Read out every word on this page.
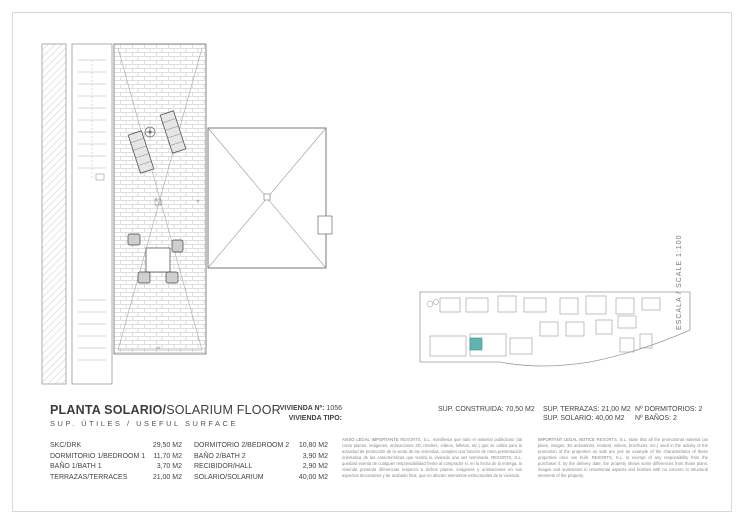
M
H
ESCALA / SCALE 1:100
PLANTA SOLARIO/SOLARIUM FLOOR
SUP. ÚTILES / USEFUL SURFACE
VIVIENDA Nº: 1056
VIVIENDA TIPO:
SKC/DRK	29,50 M2
DORMITORIO 1/BEDROOM 1	11,70 M2
BAÑO 1/BATH 1	3,70 M2
TERRAZAS/TERRACES	21,00 M2
DORMITORIO 2/BEDROOM 2	10,80 M2
BAÑO 2/BATH 2	3,90 M2
RECIBIDOR/HALL	2,90 M2
SOLARIO/SOLARIUM	40,00 M2
SUP. CONSTRUIDA: 70,50 M2 SUP. TERRAZAS: 21,00 M2
SUP. SOLARIO: 40,00 M2
Nº DORMITORIOS: 2
Nº BAÑOS: 2
AVISO LEGAL IMPORTANTE RESORTS, S.L. manifiesta que todo el material publicitario (tal como planos, imágenes, animaciones 3D, renders, vídeos, folletos, etc.) que se utiliza para la actividad de promoción de la venta de las viviendas, cumplen una función de mera presentación orientativa de las características que tendrá la vivienda una vez terminada. RESORTS, S.L. quedará exenta de cualquier responsabilidad frente al comprador si, en la fecha de la entrega, la vivienda presenta diferencias respecto a dichos planos, imágenes y animaciones en sus aspectos decorativos y de acabado final, que no afecten elementos estructurales de la vivienda.
IMPORTANT LEGAL NOTICE RESORTS, S.L. state that all the promotional material (as plans, images, 3D animations, renders, videos, brochures, etc.) used in the activity of the promotion of the properties on sale are just an example of the characteristics of these properties once are built. RESORTS, S.L. is exempt of any responsibility from the purchaser if, by the delivery date, the property shows some differences from those plans, images and animations in ornamental aspects and finishes with no concern to structural elements of the property.
